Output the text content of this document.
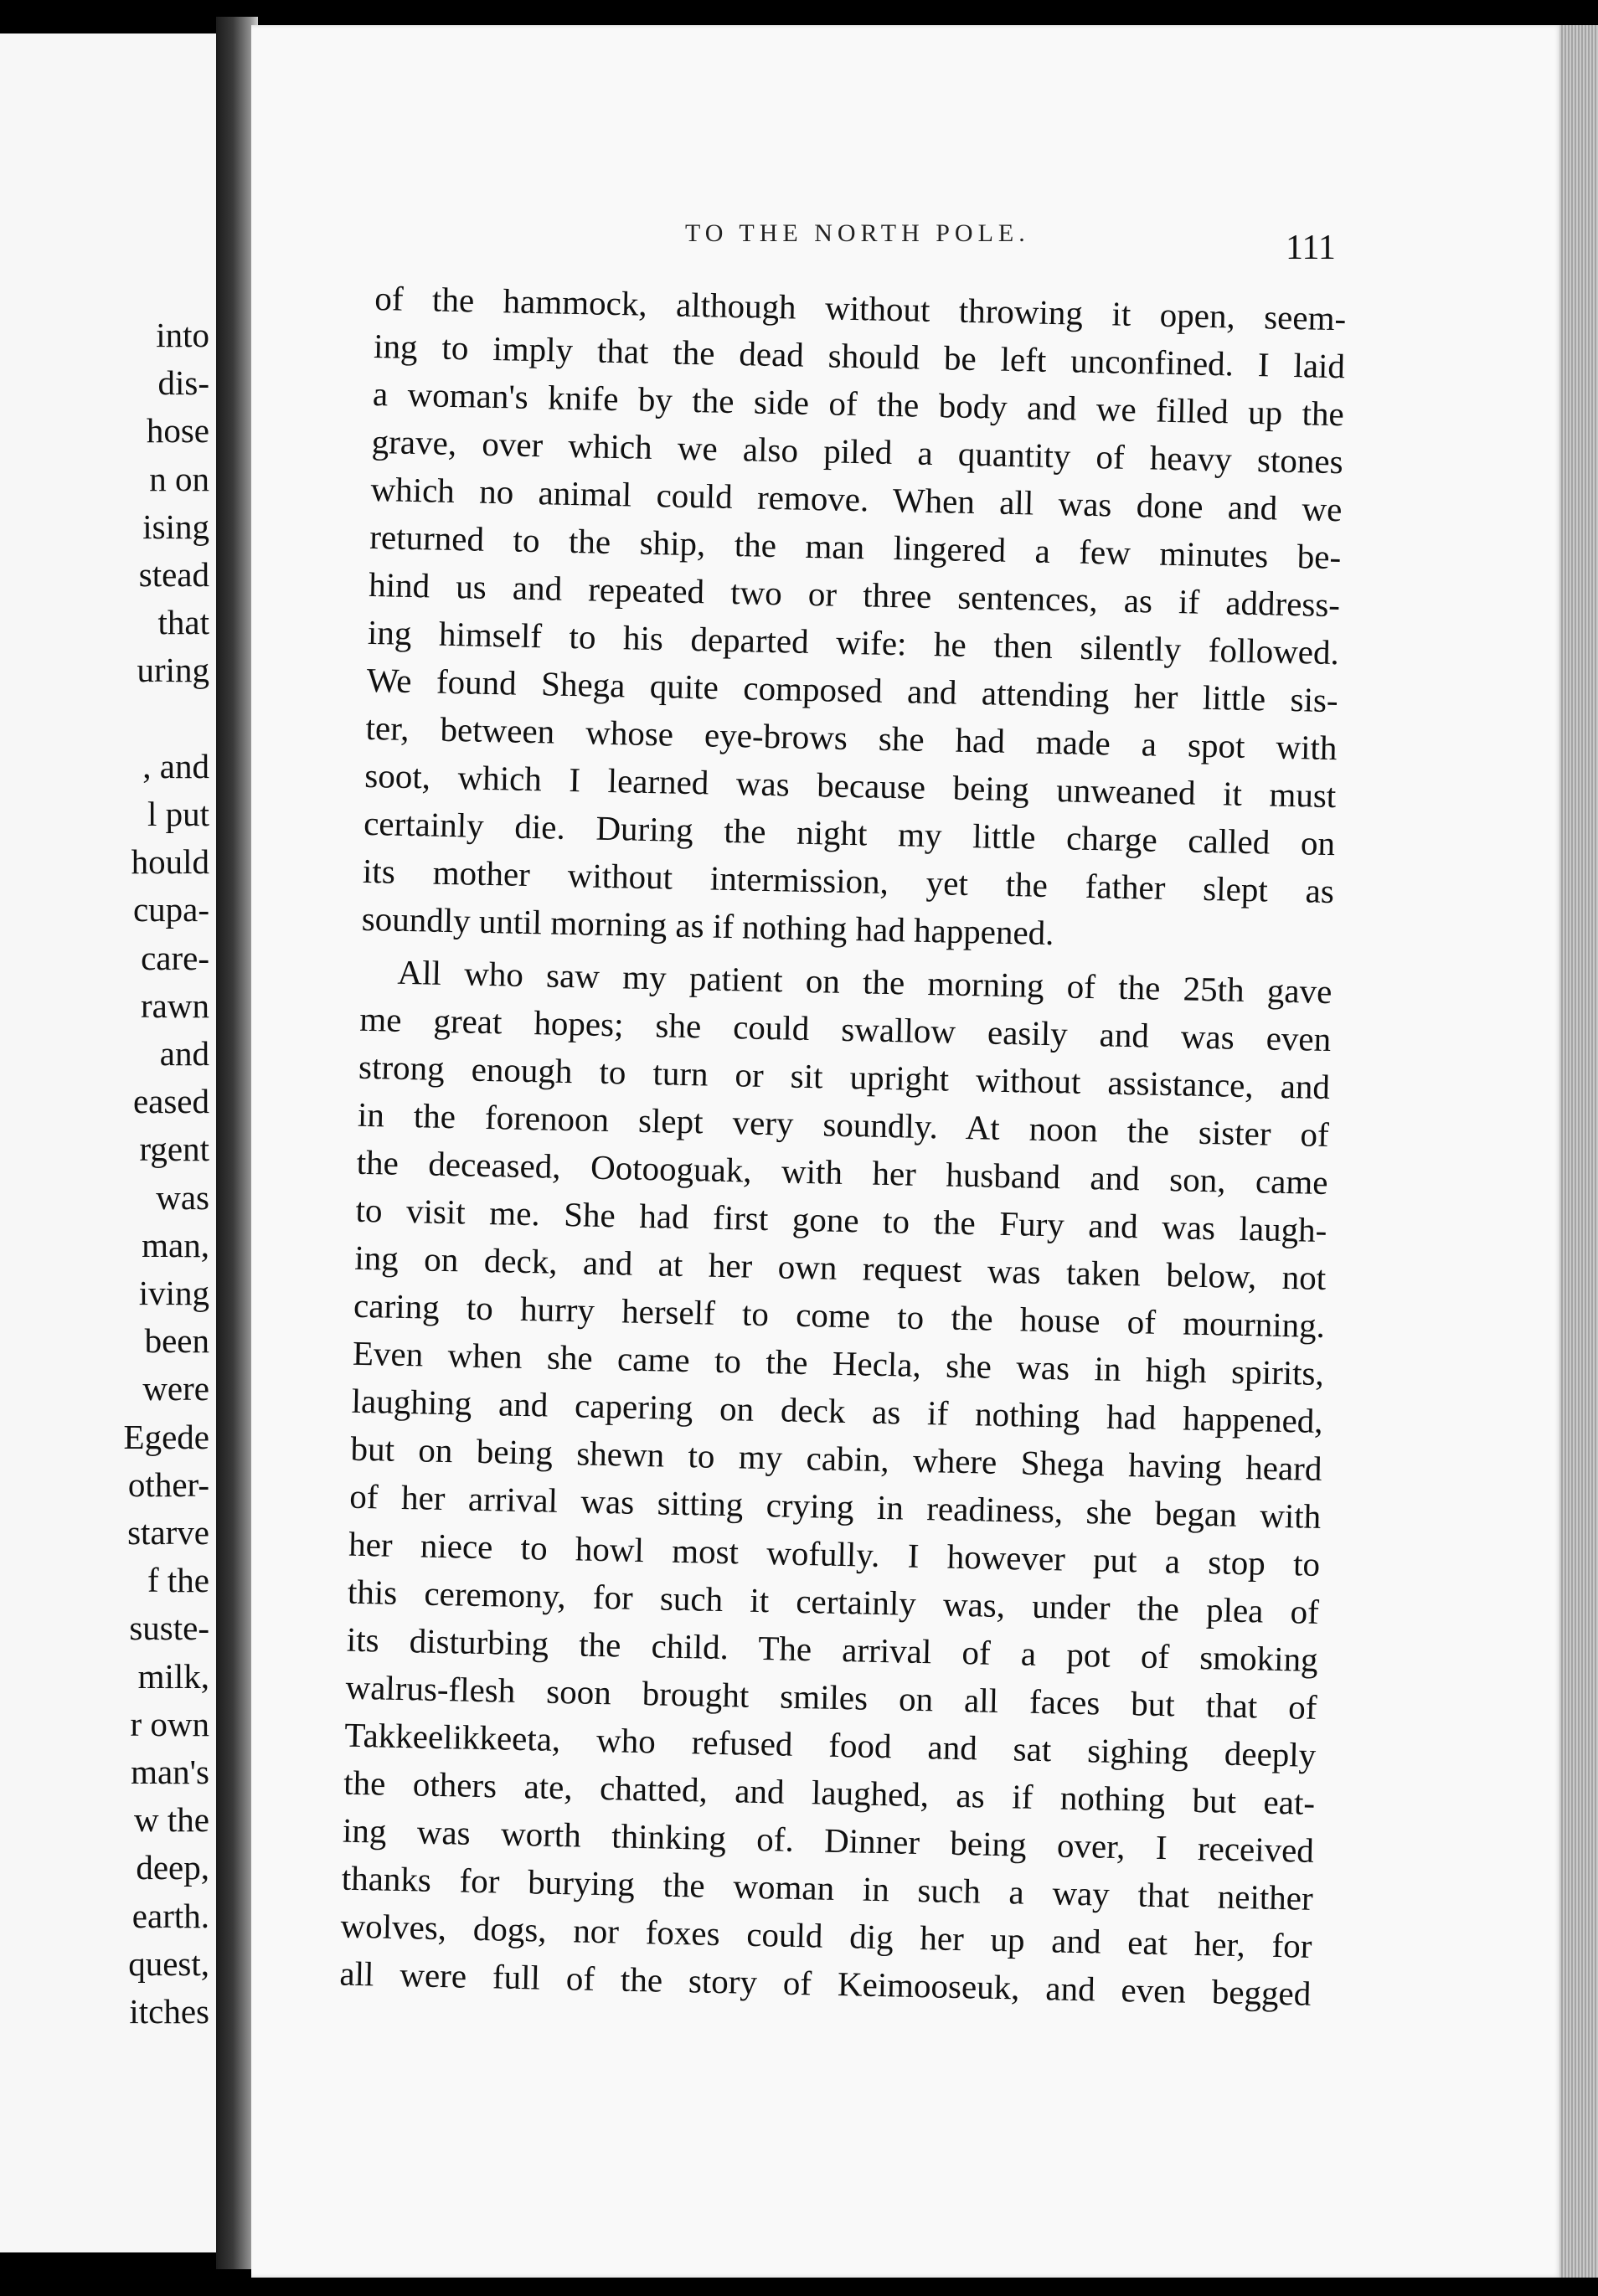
into
dis-
hose
n on
ising
stead
that
uring
, and
l put
hould
cupa-
care-
rawn
and
eased
rgent
was
man,
iving
been
were
Egede
other-
starve
f the
suste-
milk,
r own
man's
w the
deep,
earth.
quest,
itches
TO THE NORTH POLE.	111
of the hammock, although without throwing it open, seem-
ing to imply that the dead should be left unconfined. I laid
a woman's knife by the side of the body and we filled up the
grave, over which we also piled a quantity of heavy stones
which no animal could remove. When all was done and we
returned to the ship, the man lingered a few minutes be-
hind us and repeated two or three sentences, as if address-
ing himself to his departed wife: he then silently followed.
We found Shega quite composed and attending her little sis-
ter, between whose eye-brows she had made a spot with
soot, which I learned was because being unweaned it must
certainly die. During the night my little charge called on
its mother without intermission, yet the father slept as
soundly until morning as if nothing had happened.
All who saw my patient on the morning of the 25th gave
me great hopes; she could swallow easily and was even
strong enough to turn or sit upright without assistance, and
in the forenoon slept very soundly. At noon the sister of
the deceased, Ootooguak, with her husband and son, came
to visit me. She had first gone to the Fury and was laugh-
ing on deck, and at her own request was taken below, not
caring to hurry herself to come to the house of mourning.
Even when she came to the Hecla, she was in high spirits,
laughing and capering on deck as if nothing had happened,
but on being shewn to my cabin, where Shega having heard
of her arrival was sitting crying in readiness, she began with
her niece to howl most wofully. I however put a stop to
this ceremony, for such it certainly was, under the plea of
its disturbing the child. The arrival of a pot of smoking
walrus-flesh soon brought smiles on all faces but that of
Takkeelikkeeta, who refused food and sat sighing deeply
the others ate, chatted, and laughed, as if nothing but eat-
ing was worth thinking of. Dinner being over, I received
thanks for burying the woman in such a way that neither
wolves, dogs, nor foxes could dig her up and eat her, for
all were full of the story of Keimooseuk, and even begged
